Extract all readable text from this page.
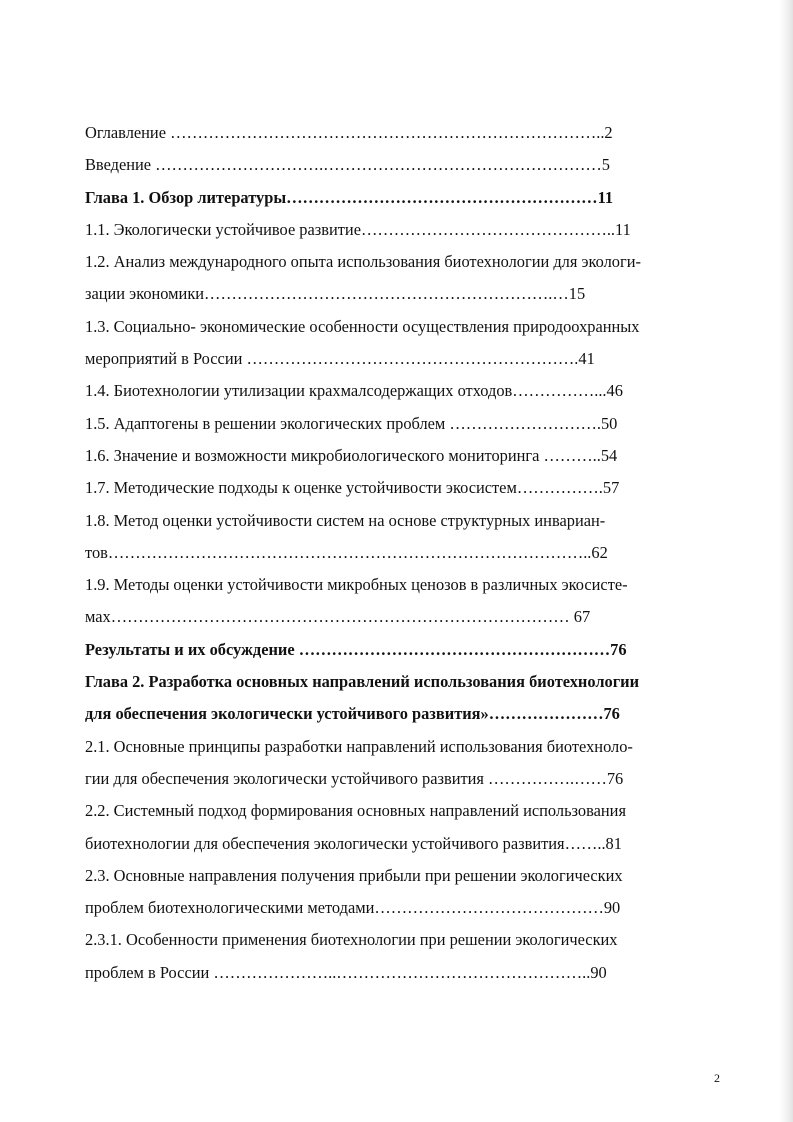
Оглавление ……………………………………………………………………..2
Введение ………………………….……………………………………………5
Глава 1. Обзор литературы…………………………………………………11
1.1. Экологически устойчивое развитие………………………………………..11
1.2. Анализ международного опыта использования биотехнологии для экологи-
зации экономики……………………………………………………….…15
1.3. Социально- экономические особенности осуществления природоохранных
мероприятий в России …………………………………………………….41
1.4. Биотехнологии утилизации крахмалсодержащих отходов……………...46
1.5. Адаптогены в решении экологических проблем ……………………….50
1.6. Значение и возможности микробиологического мониторинга ………..54
1.7. Методические подходы к оценке устойчивости экосистем…………….57
1.8. Метод оценки устойчивости систем на основе структурных инвариан-
тов……………………………………………………………………………..62
1.9. Методы оценки устойчивости микробных ценозов в различных экосисте-
мах………………………………………………………………………… 67
Результаты и их обсуждение …………………………………………………76
Глава 2. Разработка основных направлений использования биотехнологии
для обеспечения экологически устойчивого развития»…………………76
2.1. Основные принципы разработки направлений использования биотехноло-
гии для обеспечения экологически устойчивого развития …………….……76
2.2. Системный подход формирования основных направлений использования
биотехнологии для обеспечения экологически устойчивого развития……..81
2.3. Основные направления получения прибыли при решении экологических
проблем биотехнологическими методами……………………………………90
2.3.1. Особенности применения биотехнологии при решении экологических
проблем в России …………………..………………………………………..90
2
